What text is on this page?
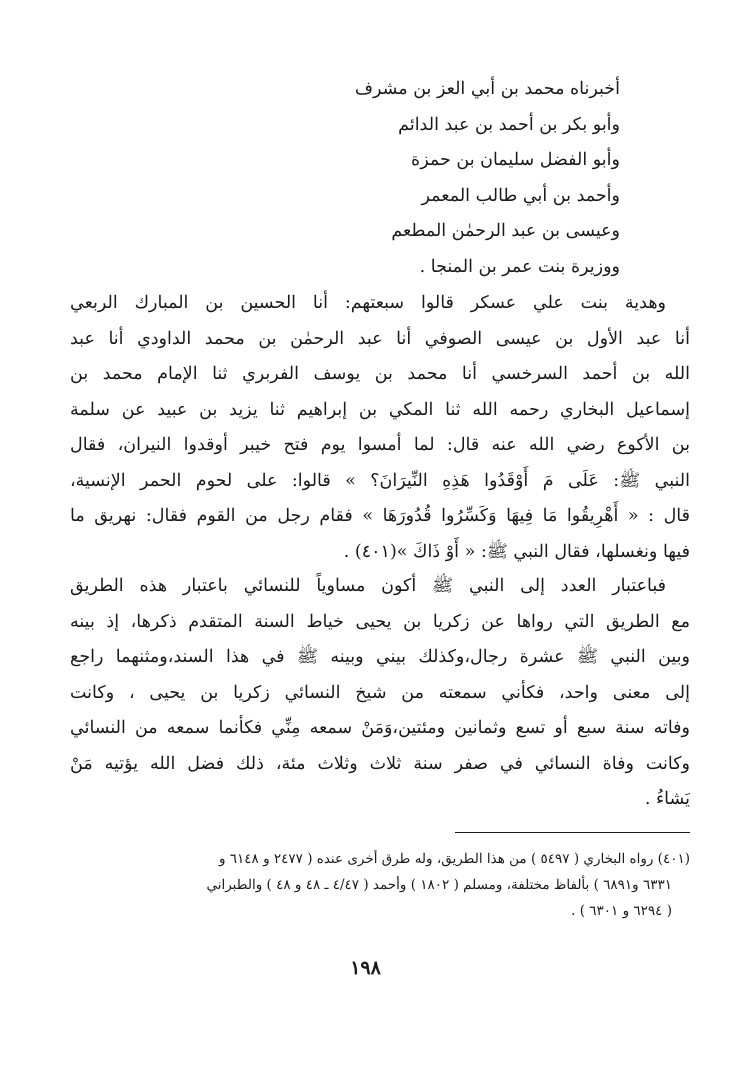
أخبرناه محمد بن أبي العز بن مشرف
وأبو بكر بن أحمد بن عبد الدائم
وأبو الفضل سليمان بن حمزة
وأحمد بن أبي طالب المعمر
وعيسى بن عبد الرحمٰن المطعم
ووزيرة بنت عمر بن المنجا .
وهدية بنت علي عسكر قالوا سبعتهم: أنا الحسين بن المبارك الربعي
أنا عبد الأول بن عيسى الصوفي أنا عبد الرحمٰن بن محمد الداودي أنا عبد
الله بن أحمد السرخسي أنا محمد بن يوسف الفربري ثنا الإمام محمد بن
إسماعيل البخاري رحمه الله ثنا المكي بن إبراهيم ثنا يزيد بن عبيد عن سلمة
بن الأكوع رضي الله عنه قال: لما أمسوا يوم فتح خيبر أوقدوا النيران، فقال
النبي ﷺ: عَلَى مَ أَوْقَدُوا هَذِهِ النِّيرَانَ؟ » قالوا: على لحوم الحمر الإنسية،
قال : « أَهْرِيقُوا مَا فِيهَا وَكَسِّرُوا قُدُورَهَا » فقام رجل من القوم فقال: نهريق ما
فيها ونغسلها، فقال النبي ﷺ: « أَوْ ذَاكَ »(٤٠١) .
فباعتبار العدد إلى النبي ﷺ أكون مساوياً للنسائي باعتبار هذه الطريق
مع الطريق التي رواها عن زكريا بن يحيى خياط السنة المتقدم ذكرها، إذ بينه
وبين النبي ﷺ عشرة رجال،وكذلك بيني وبينه ﷺ في هذا السند،ومثنهما راجع
إلى معنى واحد، فكأني سمعته من شيخ النسائي زكريا بن يحيى ، وكانت
وفاته سنة سبع أو تسع وثمانين ومئتين،وَمَنْ سمعه مِنِّي فكأنما سمعه من النسائي
وكانت وفاة النسائي في صفر سنة ثلاث وثلاث مئة، ذلك فضل الله يؤتيه مَنْ
يَشاءُ .
(٤٠١) رواه البخاري ( ٥٤٩٧ ) من هذا الطريق، وله طرق أخرى عنده ( ٢٤٧٧ و ٦١٤٨ و
٦٣٣١ و٦٨٩١ ) بألفاظ مختلفة، ومسلم ( ١٨٠٢ ) وأحمد ( ٤/٤٧ ـ ٤٨ و ٤٨ ) والطبراني
( ٦٢٩٤ و ٦٣٠١ ) .
١٩٨
